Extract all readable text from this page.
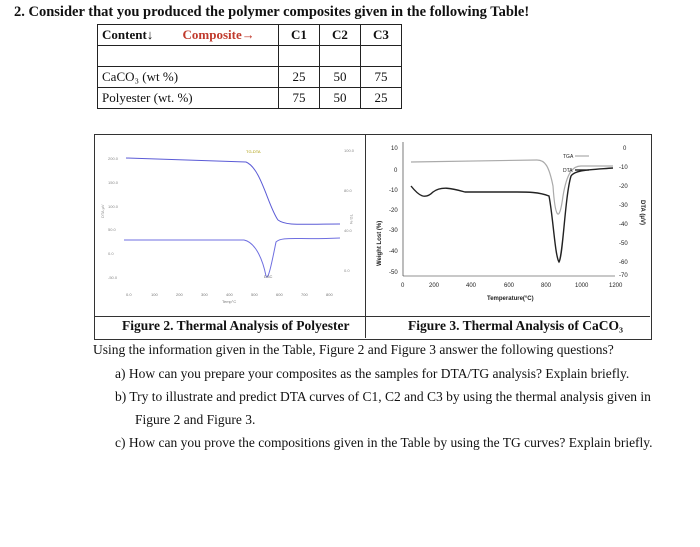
2. Consider that you produced the polymer composites given in the following Table!
Content↓ Composite→	C1	C2	C3

CaCO₃ (wt %)	25	50	75
Polyester (wt. %)	75	50	25
200.0
150.0
100.0
50.0
0.0
-50.0
DTA μV
100.0
80.0
40.0
0.0
TG %
0.0	100	200	300	400	500	600	700	800
Temp°C
TG-DTA
DSC
Weight Lost (%)
10
0
-10
-20
-30
-40
-50
0	200	400	600	800	1000	1200
Temperature(°C)
0
-10
-20
-30
-40
-50
-60
-70
DTA (μV)
TGA
DTA
Figure 2. Thermal Analysis of Polyester	Figure 3. Thermal Analysis of CaCO₃
Using the information given in the Table, Figure 2 and Figure 3 answer the following questions?
a) How can you prepare your composites as the samples for DTA/TG analysis? Explain briefly.
b) Try to illustrate and predict DTA curves of C1, C2 and C3 by using the thermal analysis given in
Figure 2 and Figure 3.
c) How can you prove the compositions given in the Table by using the TG curves? Explain briefly.
